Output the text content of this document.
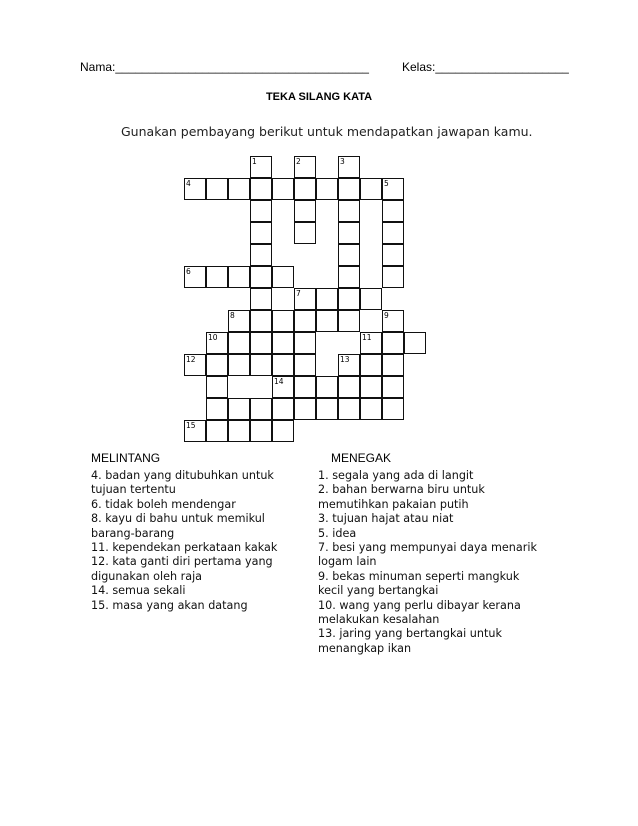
Nama:______________________________________	Kelas:____________________
TEKA SILANG KATA
Gunakan pembayang berikut untuk mendapatkan jawapan kamu.
1	2	3
4	5
6
7
8	9
10	11
12	13
14
15
MELINTANG	MENEGAK
4. badan yang ditubuhkan untuk
tujuan tertentu
6. tidak boleh mendengar
8. kayu di bahu untuk memikul
barang-barang
11. kependekan perkataan kakak
12. kata ganti diri pertama yang
digunakan oleh raja
14. semua sekali
15. masa yang akan datang
1. segala yang ada di langit
2. bahan berwarna biru untuk
memutihkan pakaian putih
3. tujuan hajat atau niat
5. idea
7. besi yang mempunyai daya menarik
logam lain
9. bekas minuman seperti mangkuk
kecil yang bertangkai
10. wang yang perlu dibayar kerana
melakukan kesalahan
13. jaring yang bertangkai untuk
menangkap ikan
